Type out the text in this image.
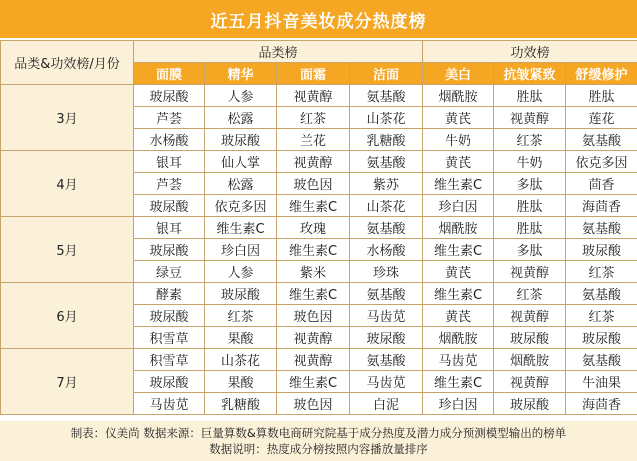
近五月抖音美妆成分热度榜
品类&功效榜/月份	品类榜				功效榜		
	面膜	精华	面霜	洁面	美白	抗皱紧致	舒缓修护
3月	玻尿酸	人参	视黄醇	氨基酸	烟酰胺	胜肽	胜肽
	芦荟	松露	红茶	山茶花	黄芪	视黄醇	莲花
	水杨酸	玻尿酸	兰花	乳糖酸	牛奶	红茶	氨基酸
4月	银耳	仙人掌	视黄醇	氨基酸	黄芪	牛奶	依克多因
	芦荟	松露	玻色因	紫苏	维生素C	多肽	茴香
	玻尿酸	依克多因	维生素C	山茶花	珍白因	胜肽	海茴香
5月	银耳	维生素C	玫瑰	氨基酸	烟酰胺	胜肽	氨基酸
	玻尿酸	珍白因	维生素C	水杨酸	维生素C	多肽	玻尿酸
	绿豆	人参	紫米	珍珠	黄芪	视黄醇	红茶
6月	酵素	玻尿酸	维生素C	氨基酸	维生素C	红茶	氨基酸
	玻尿酸	红茶	玻色因	马齿苋	黄芪	视黄醇	红茶
	积雪草	果酸	视黄醇	玻尿酸	烟酰胺	玻尿酸	玻尿酸
7月	积雪草	山茶花	视黄醇	氨基酸	马齿苋	烟酰胺	氨基酸
	玻尿酸	果酸	维生素C	马齿苋	维生素C	视黄醇	牛油果
	马齿苋	乳糖酸	玻色因	白泥	珍白因	玻尿酸	海茴香
制表：仪美尚 数据来源：巨量算数&算数电商研究院基于成分热度及潜力成分预测模型输出的榜单
数据说明：热度成分榜按照内容播放量排序
